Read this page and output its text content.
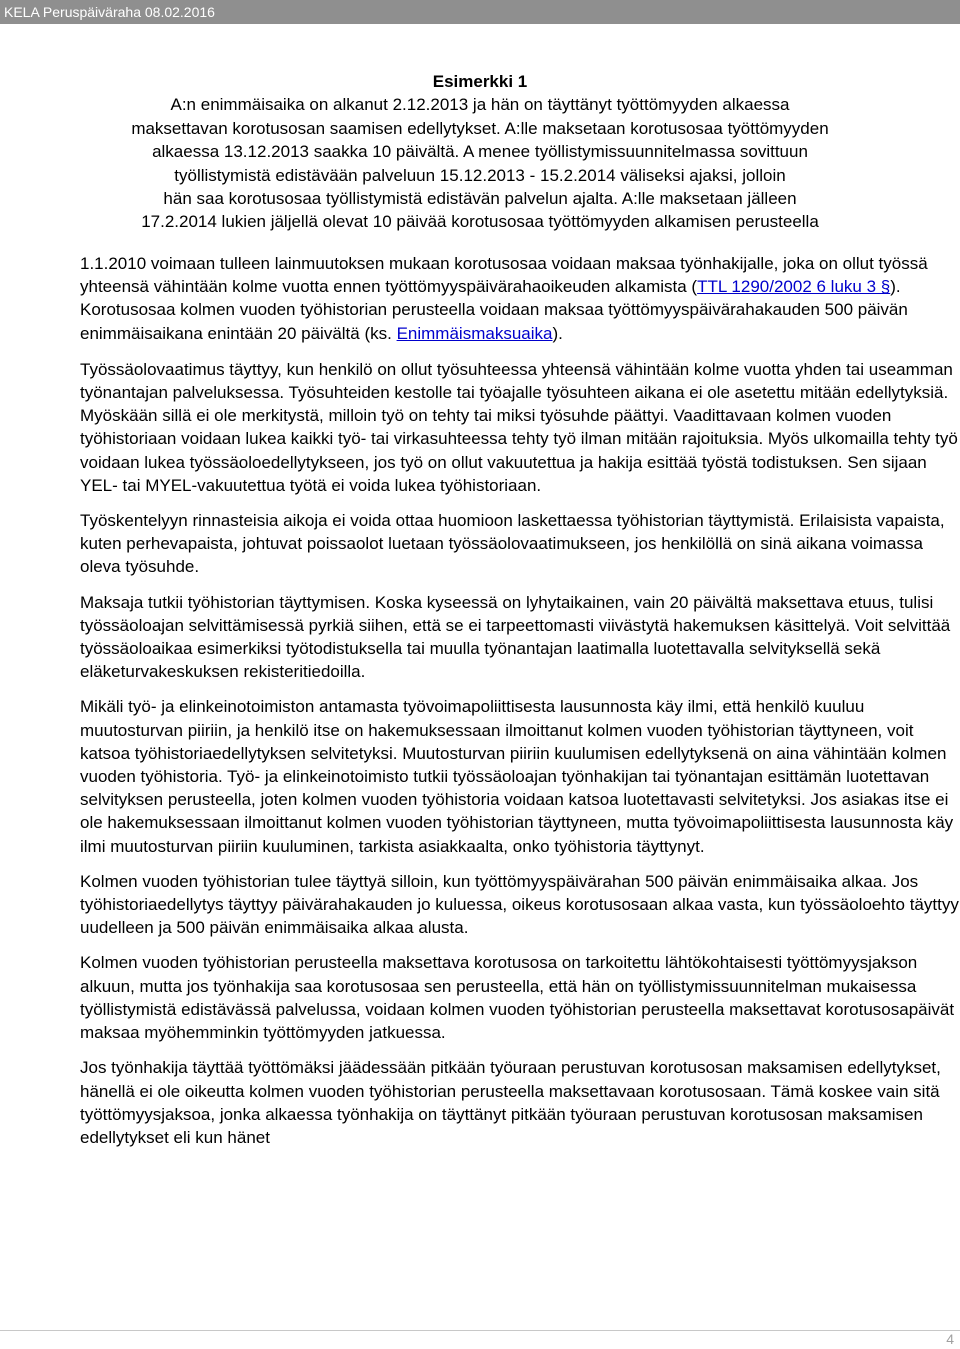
KELA Peruspäiväraha 08.02.2016
Esimerkki 1
A:n enimmäisaika on alkanut 2.12.2013 ja hän on täyttänyt työttömyyden alkaessa
maksettavan korotusosan saamisen edellytykset. A:lle maksetaan korotusosaa työttömyyden
alkaessa 13.12.2013 saakka 10 päivältä. A menee työllistymissuunnitelmassa sovittuun
työllistymistä edistävään palveluun 15.12.2013 - 15.2.2014 väliseksi ajaksi, jolloin
hän saa korotusosaa työllistymistä edistävän palvelun ajalta. A:lle maksetaan jälleen
17.2.2014 lukien jäljellä olevat 10 päivää korotusosaa työttömyyden alkamisen perusteella

1.1.2010 voimaan tulleen lainmuutoksen mukaan korotusosaa voidaan maksaa työnhakijalle, joka on ollut työssä yhteensä vähintään kolme vuotta ennen työttömyyspäivärahaoikeuden alkamista (TTL 1290/2002 6 luku 3 §). Korotusosaa kolmen vuoden työhistorian perusteella voidaan maksaa työttömyyspäivärahakauden 500 päivän enimmäisaikana enintään 20 päivältä (ks. Enimmäismaksuaika).

Työssäolovaatimus täyttyy, kun henkilö on ollut työsuhteessa yhteensä vähintään kolme vuotta yhden tai useamman työnantajan palveluksessa. Työsuhteiden kestolle tai työajalle työsuhteen aikana ei ole asetettu mitään edellytyksiä. Myöskään sillä ei ole merkitystä, milloin työ on tehty tai miksi työsuhde päättyi. Vaadittavaan kolmen vuoden työhistoriaan voidaan lukea kaikki työ- tai virkasuhteessa tehty työ ilman mitään rajoituksia. Myös ulkomailla tehty työ voidaan lukea työssäoloedellytykseen, jos työ on ollut vakuutettua ja hakija esittää työstä todistuksen. Sen sijaan YEL- tai MYEL-vakuutettua työtä ei voida lukea työhistoriaan.

Työskentelyyn rinnasteisia aikoja ei voida ottaa huomioon laskettaessa työhistorian täyttymistä. Erilaisista vapaista, kuten perhevapaista, johtuvat poissaolot luetaan työssäolovaatimukseen, jos henkilöllä on sinä aikana voimassa oleva työsuhde.

Maksaja tutkii työhistorian täyttymisen. Koska kyseessä on lyhytaikainen, vain 20 päivältä maksettava etuus, tulisi työssäoloajan selvittämisessä pyrkiä siihen, että se ei tarpeettomasti viivästytä hakemuksen käsittelyä. Voit selvittää työssäoloaikaa esimerkiksi työtodistuksella tai muulla työnantajan laatimalla luotettavalla selvityksellä sekä eläketurvakeskuksen rekisteritiedoilla.

Mikäli työ- ja elinkeinotoimiston antamasta työvoimapoliittisesta lausunnosta käy ilmi, että henkilö kuuluu muutosturvan piiriin, ja henkilö itse on hakemuksessaan ilmoittanut kolmen vuoden työhistorian täyttyneen, voit katsoa työhistoriaedellytyksen selvitetyksi. Muutosturvan piiriin kuulumisen edellytyksenä on aina vähintään kolmen vuoden työhistoria. Työ- ja elinkeinotoimisto tutkii työssäoloajan työnhakijan tai työnantajan esittämän luotettavan selvityksen perusteella, joten kolmen vuoden työhistoria voidaan katsoa luotettavasti selvitetyksi. Jos asiakas itse ei ole hakemuksessaan ilmoittanut kolmen vuoden työhistorian täyttyneen, mutta työvoimapoliittisesta lausunnosta käy ilmi muutosturvan piiriin kuuluminen, tarkista asiakkaalta, onko työhistoria täyttynyt.

Kolmen vuoden työhistorian tulee täyttyä silloin, kun työttömyyspäivärahan 500 päivän enimmäisaika alkaa. Jos työhistoriaedellytys täyttyy päivärahakauden jo kuluessa, oikeus korotusosaan alkaa vasta, kun työssäoloehto täyttyy uudelleen ja 500 päivän enimmäisaika alkaa alusta.

Kolmen vuoden työhistorian perusteella maksettava korotusosa on tarkoitettu lähtökohtaisesti työttömyysjakson alkuun, mutta jos työnhakija saa korotusosaa sen perusteella, että hän on työllistymissuunnitelman mukaisessa työllistymistä edistävässä palvelussa, voidaan kolmen vuoden työhistorian perusteella maksettavat korotusosapäivät maksaa myöhemminkin työttömyyden jatkuessa.

Jos työnhakija täyttää työttömäksi jäädessään pitkään työuraan perustuvan korotusosan maksamisen edellytykset, hänellä ei ole oikeutta kolmen vuoden työhistorian perusteella maksettavaan korotusosaan. Tämä koskee vain sitä työttömyysjaksoa, jonka alkaessa työnhakija on täyttänyt pitkään työuraan perustuvan korotusosan maksamisen edellytykset eli kun hänet

4
